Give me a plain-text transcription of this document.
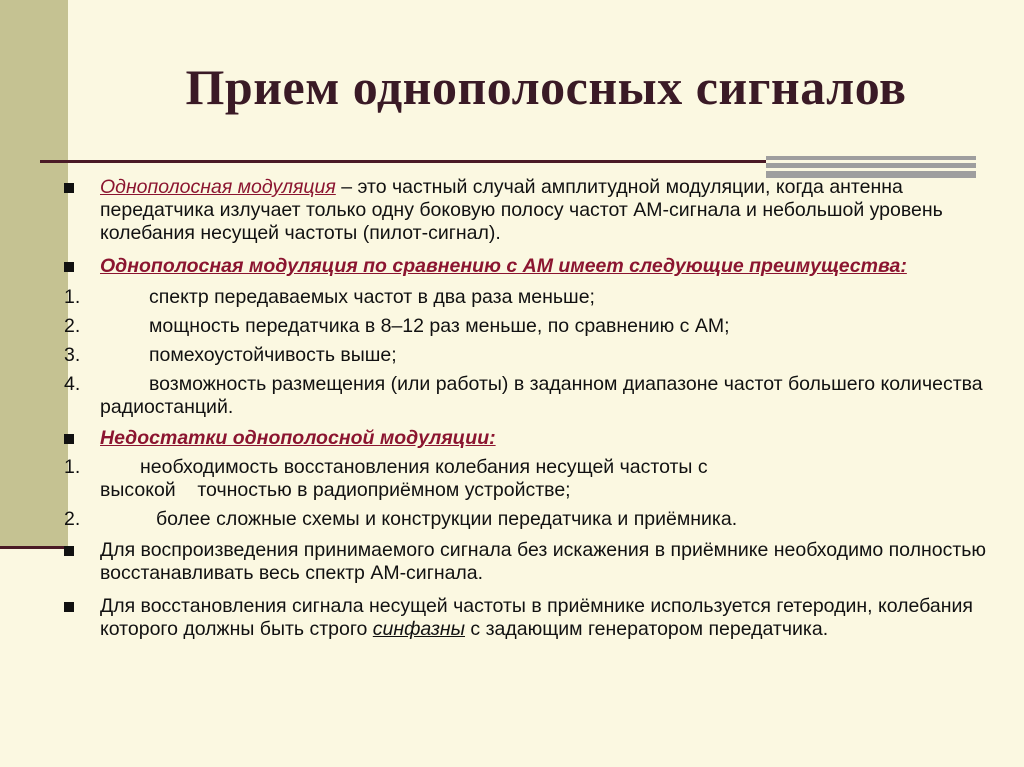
Прием однополосных сигналов
Однополосная модуляция – это частный случай амплитудной модуляции, когда антенна передатчика излучает только одну боковую полосу частот АМ-сигнала и небольшой уровень колебания несущей частоты (пилот-сигнал).
Однополосная модуляция по сравнению с АМ имеет следующие преимущества:
1.	спектр передаваемых частот в два раза меньше;
2.	мощность передатчика в 8–12 раз меньше, по сравнению с АМ;
3.	помехоустойчивость выше;
4.	возможность размещения (или работы) в заданном диапазоне частот большего количества радиостанций.
Недостатки однополосной модуляции:
1.	необходимость восстановления колебания несущей частоты с
высокой    точностью в радиоприёмном устройстве;
2.	более сложные схемы и конструкции передатчика и приёмника.
Для воспроизведения принимаемого сигнала без искажения в приёмнике необходимо полностью восстанавливать весь спектр АМ-сигнала.
Для восстановления сигнала несущей частоты в приёмнике используется гетеродин, колебания которого должны быть строго синфазны с задающим генератором передатчика.
